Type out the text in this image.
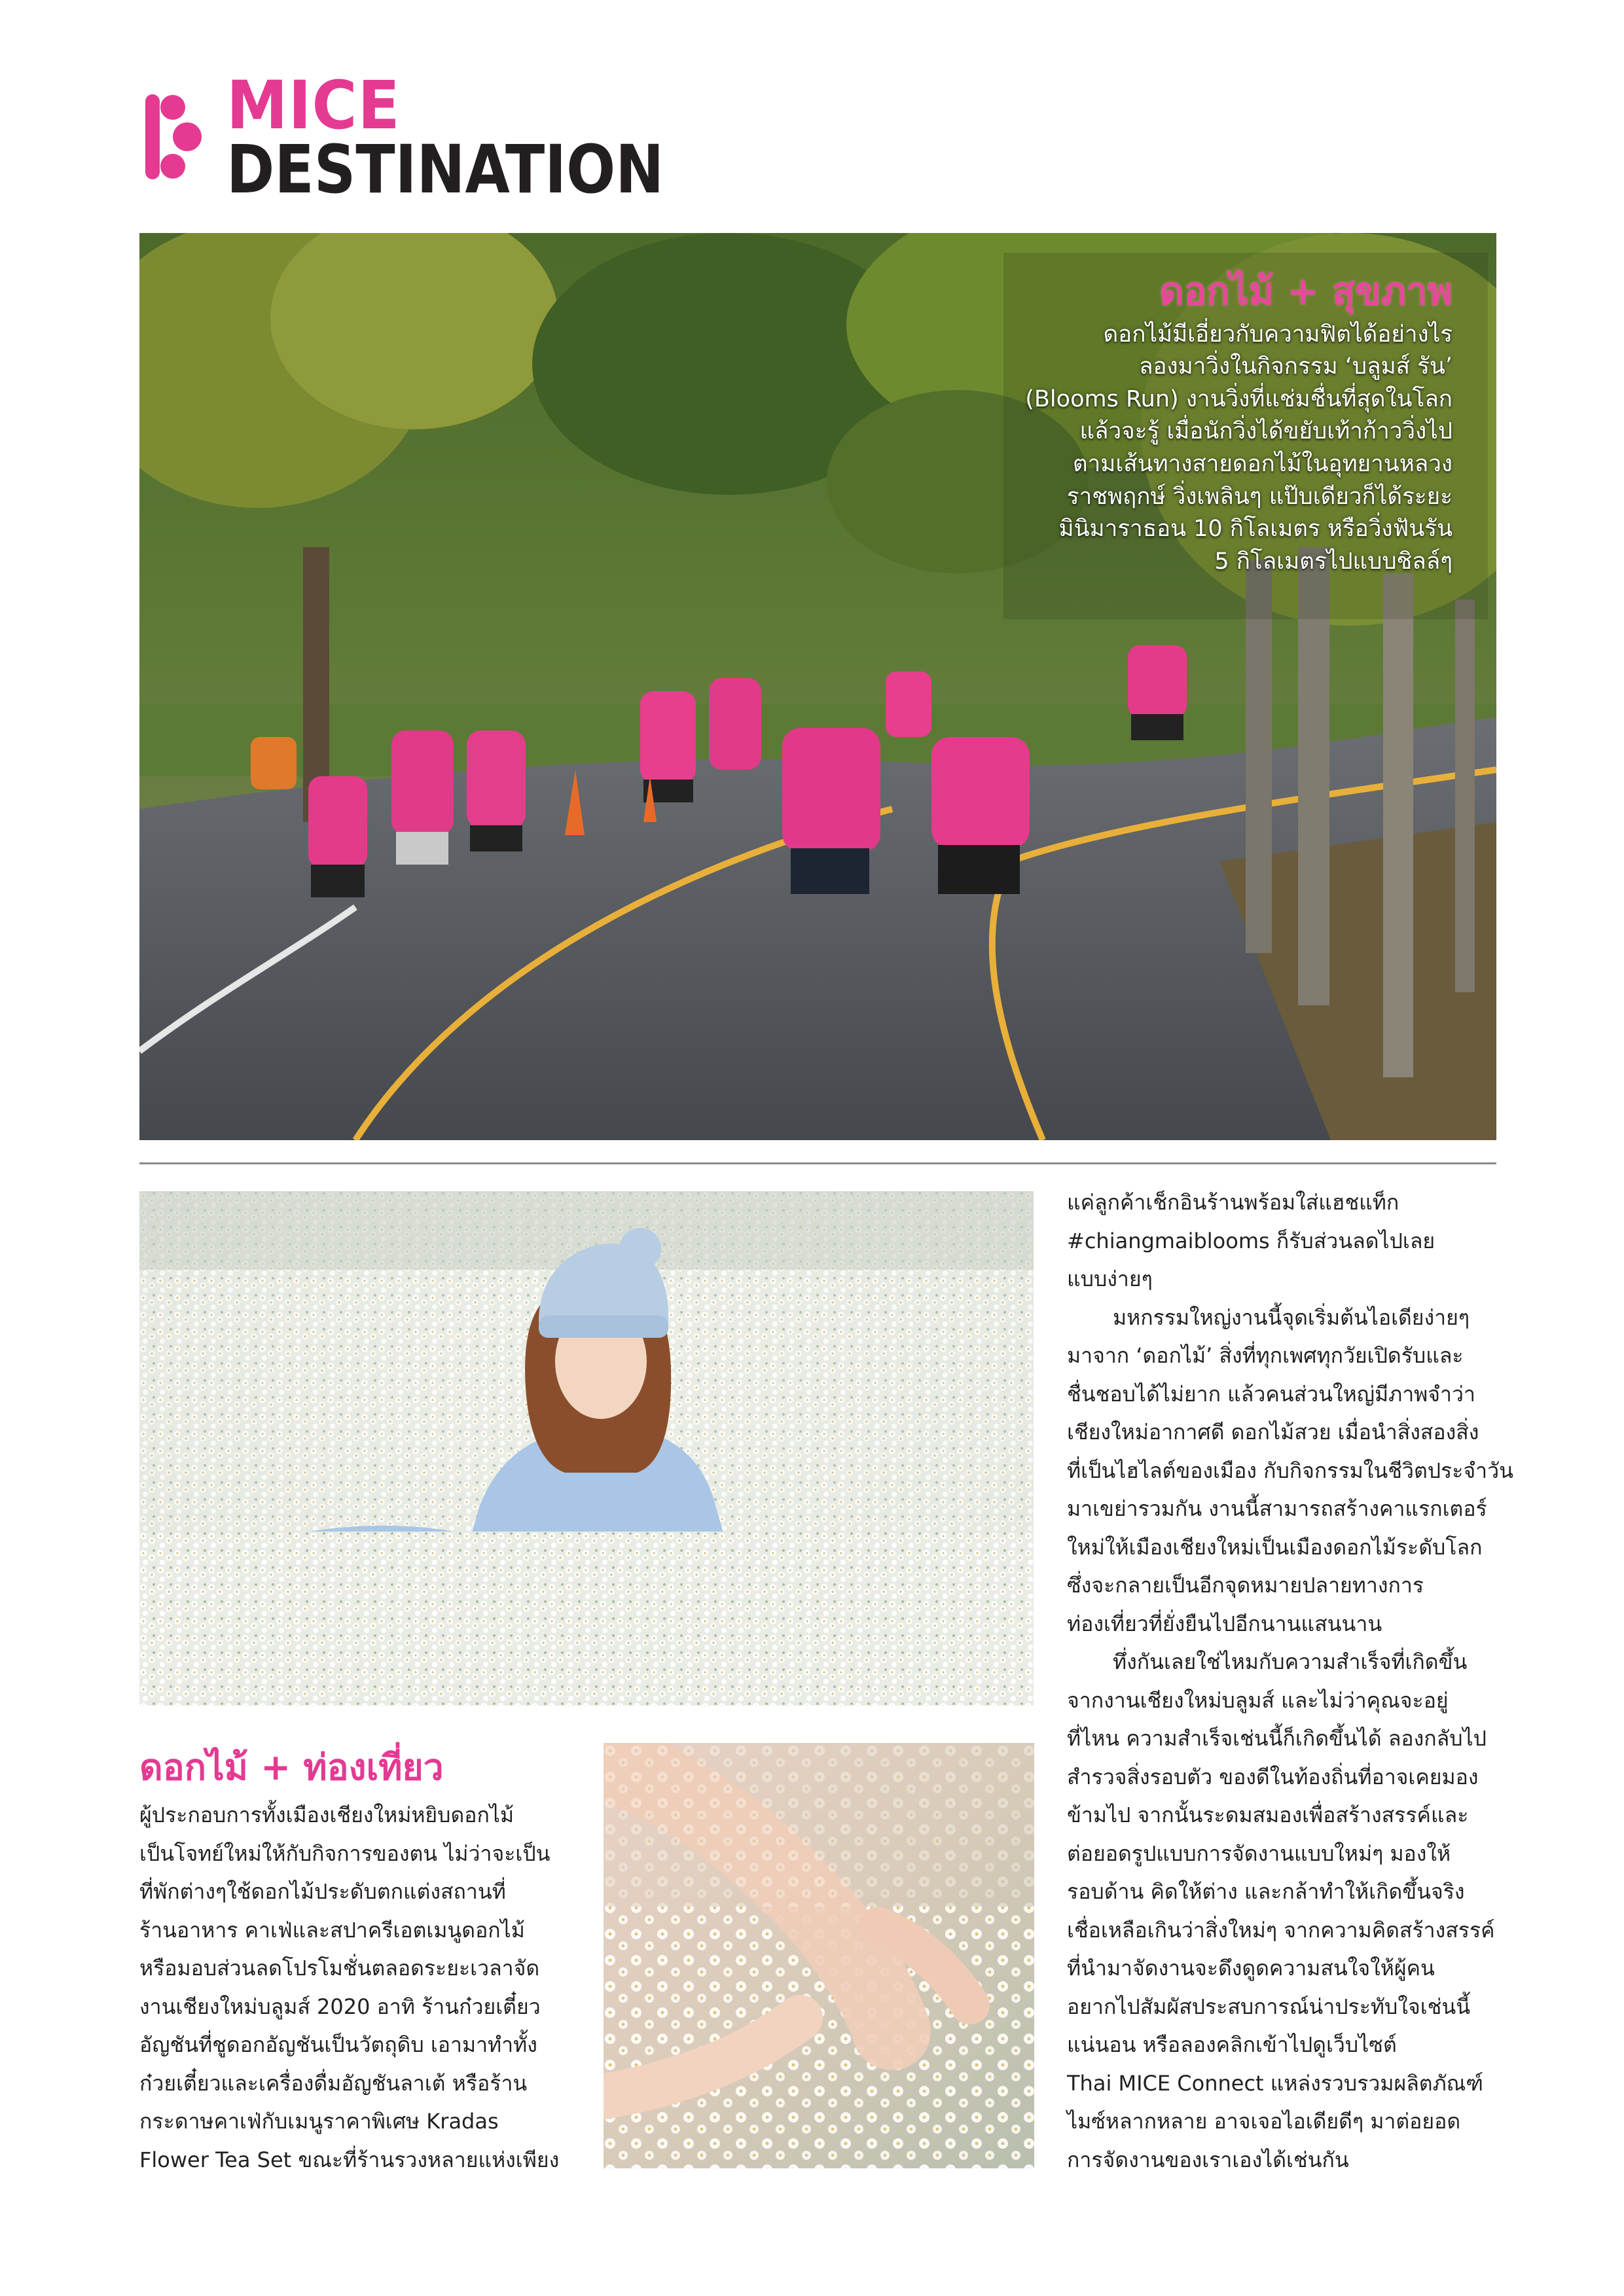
MICE
DESTINATION
ดอกไม้ + สุขภาพ

ดอกไม้มีเอี่ยวกับความฟิตได้อย่างไร

ลองมาวิ่งในกิจกรรม ‘บลูมส์ รัน’

(Blooms Run) งานวิ่งที่แช่มชื่นที่สุดในโลก

แล้วจะรู้ เมื่อนักวิ่งได้ขยับเท้าก้าววิ่งไป

ตามเส้นทางสายดอกไม้ในอุทยานหลวง

ราชพฤกษ์ วิ่งเพลินๆ แป๊บเดียวก็ได้ระยะ

มินิมาราธอน 10 กิโลเมตร หรือวิ่งฟันรัน

5 กิโลเมตรไปแบบชิลล์ๆ

ดอกไม้ + ท่องเที่ยว
ผู้ประกอบการทั้งเมืองเชียงใหม่หยิบดอกไม้
เป็นโจทย์ใหม่ให้กับกิจการของตน ไม่ว่าจะเป็น
ที่พักต่างๆใช้ดอกไม้ประดับตกแต่งสถานที่
ร้านอาหาร คาเฟ่และสปาครีเอตเมนูดอกไม้
หรือมอบส่วนลดโปรโมชั่นตลอดระยะเวลาจัด
งานเชียงใหม่บลูมส์ 2020 อาทิ ร้านก๋วยเตี๋ยว
อัญชันที่ชูดอกอัญชันเป็นวัตถุดิบ เอามาทำทั้ง
ก๋วยเตี๋ยวและเครื่องดื่มอัญชันลาเต้ หรือร้าน
กระดาษคาเฟ่กับเมนูราคาพิเศษ Kradas
Flower Tea Set ขณะที่ร้านรวงหลายแห่งเพียง
แค่ลูกค้าเช็กอินร้านพร้อมใส่แฮชแท็ก
#chiangmaiblooms ก็รับส่วนลดไปเลย
แบบง่ายๆ
มหกรรมใหญ่งานนี้จุดเริ่มต้นไอเดียง่ายๆ
มาจาก ‘ดอกไม้’ สิ่งที่ทุกเพศทุกวัยเปิดรับและ
ชื่นชอบได้ไม่ยาก แล้วคนส่วนใหญ่มีภาพจำว่า
เชียงใหม่อากาศดี ดอกไม้สวย เมื่อนำสิ่งสองสิ่ง
ที่เป็นไฮไลต์ของเมือง กับกิจกรรมในชีวิตประจำวัน
มาเขย่ารวมกัน งานนี้สามารถสร้างคาแรกเตอร์
ใหม่ให้เมืองเชียงใหม่เป็นเมืองดอกไม้ระดับโลก
ซึ่งจะกลายเป็นอีกจุดหมายปลายทางการ
ท่องเที่ยวที่ยั่งยืนไปอีกนานแสนนาน
ทึ่งกันเลยใช่ไหมกับความสำเร็จที่เกิดขึ้น
จากงานเชียงใหม่บลูมส์ และไม่ว่าคุณจะอยู่
ที่ไหน ความสำเร็จเช่นนี้ก็เกิดขึ้นได้ ลองกลับไป
สำรวจสิ่งรอบตัว ของดีในท้องถิ่นที่อาจเคยมอง
ข้ามไป จากนั้นระดมสมองเพื่อสร้างสรรค์และ
ต่อยอดรูปแบบการจัดงานแบบใหม่ๆ มองให้
รอบด้าน คิดให้ต่าง และกล้าทำให้เกิดขึ้นจริง
เชื่อเหลือเกินว่าสิ่งใหม่ๆ จากความคิดสร้างสรรค์
ที่นำมาจัดงานจะดึงดูดความสนใจให้ผู้คน
อยากไปสัมผัสประสบการณ์น่าประทับใจเช่นนี้
แน่นอน หรือลองคลิกเข้าไปดูเว็บไซต์
Thai MICE Connect แหล่งรวบรวมผลิตภัณฑ์
ไมซ์หลากหลาย อาจเจอไอเดียดีๆ มาต่อยอด
การจัดงานของเราเองได้เช่นกัน
